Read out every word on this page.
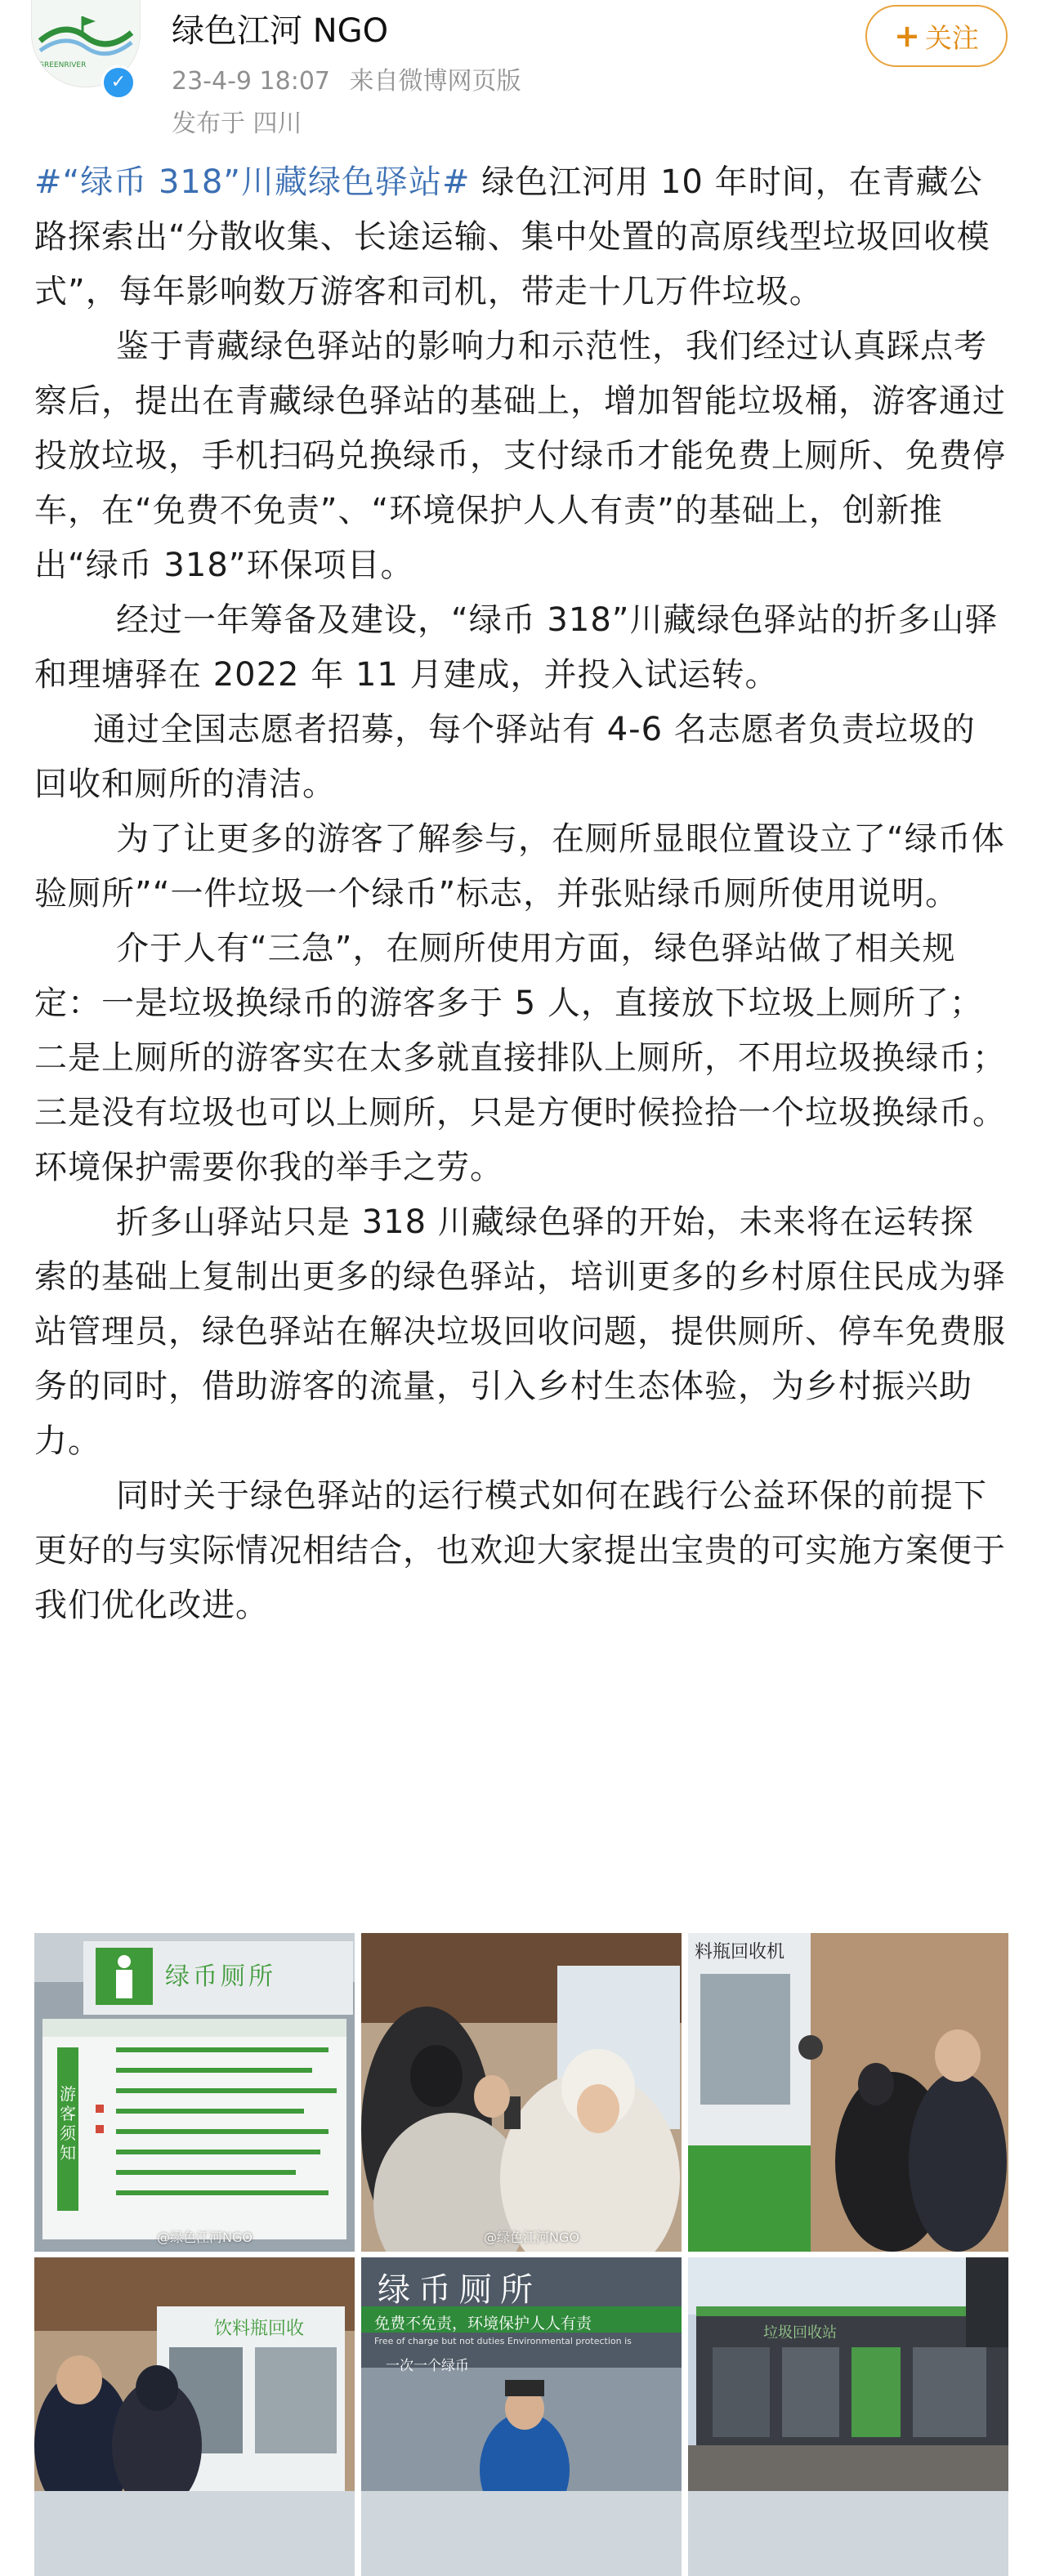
GREENRIVER
✓
绿色江河 NGO
23-4-9 18:07 来自微博网页版
发布于 四川
+ 关注

#“绿币 318”川藏绿色驿站# 绿色江河用 10 年时间，在青藏公路探索出“分散收集、长途运输、集中处置的高原线型垃圾回收模式”，每年影响数万游客和司机，带走十几万件垃圾。

鉴于青藏绿色驿站的影响力和示范性，我们经过认真踩点考察后，提出在青藏绿色驿站的基础上，增加智能垃圾桶，游客通过投放垃圾，手机扫码兑换绿币，支付绿币才能免费上厕所、免费停车，在“免费不免责”、“环境保护人人有责”的基础上，创新推出“绿币 318”环保项目。

经过一年筹备及建设，“绿币 318”川藏绿色驿站的折多山驿和理塘驿在 2022 年 11 月建成，并投入试运转。

通过全国志愿者招募，每个驿站有 4-6 名志愿者负责垃圾的回收和厕所的清洁。

为了让更多的游客了解参与，在厕所显眼位置设立了“绿币体验厕所”“一件垃圾一个绿币”标志，并张贴绿币厕所使用说明。

介于人有“三急”，在厕所使用方面，绿色驿站做了相关规定：一是垃圾换绿币的游客多于 5 人，直接放下垃圾上厕所了；二是上厕所的游客实在太多就直接排队上厕所，不用垃圾换绿币；三是没有垃圾也可以上厕所，只是方便时候捡拾一个垃圾换绿币。环境保护需要你我的举手之劳。

折多山驿站只是 318 川藏绿色驿的开始，未来将在运转探索的基础上复制出更多的绿色驿站，培训更多的乡村原住民成为驿站管理员，绿色驿站在解决垃圾回收问题，提供厕所、停车免费服务的同时，借助游客的流量，引入乡村生态体验，为乡村振兴助力。

同时关于绿色驿站的运行模式如何在践行公益环保的前提下更好的与实际情况相结合，也欢迎大家提出宝贵的可实施方案便于我们优化改进。

绿币厕所
游客须知
@绿色江河NGO	@绿色江河NGO
料瓶回收机
饮料瓶回收
绿币厕所
免费不免责，环境保护人人有责
Free of charge but not duties Environmental protection is
一次一个绿币
垃圾回收站
